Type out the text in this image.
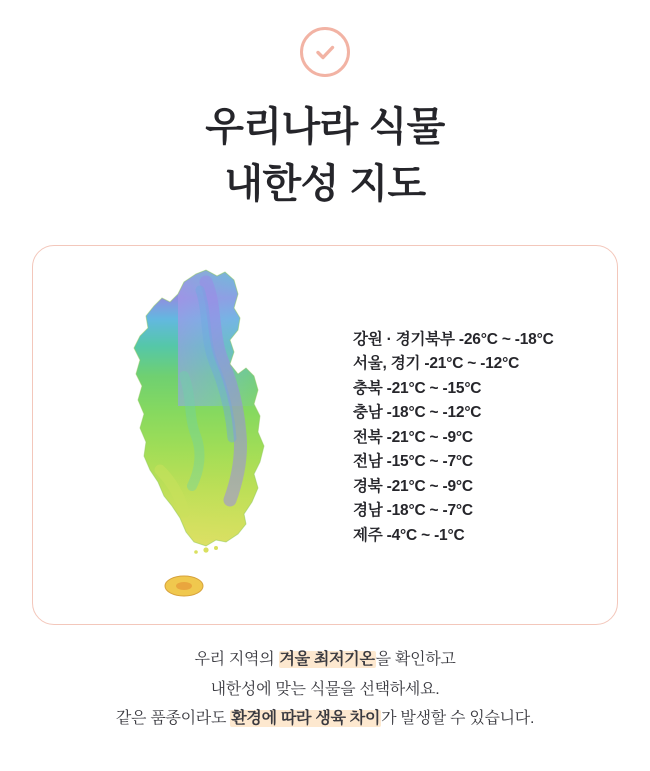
우리나라 식물
내한성 지도
강원 · 경기북부 -26°C ~ -18°C
서울, 경기 -21°C ~ -12°C
충북 -21°C ~ -15°C
충남 -18°C ~ -12°C
전북 -21°C ~ -9°C
전남 -15°C ~ -7°C
경북 -21°C ~ -9°C
경남 -18°C ~ -7°C
제주 -4°C ~ -1°C
우리 지역의 겨울 최저기온을 확인하고
내한성에 맞는 식물을 선택하세요.
같은 품종이라도 환경에 따라 생육 차이가 발생할 수 있습니다.
